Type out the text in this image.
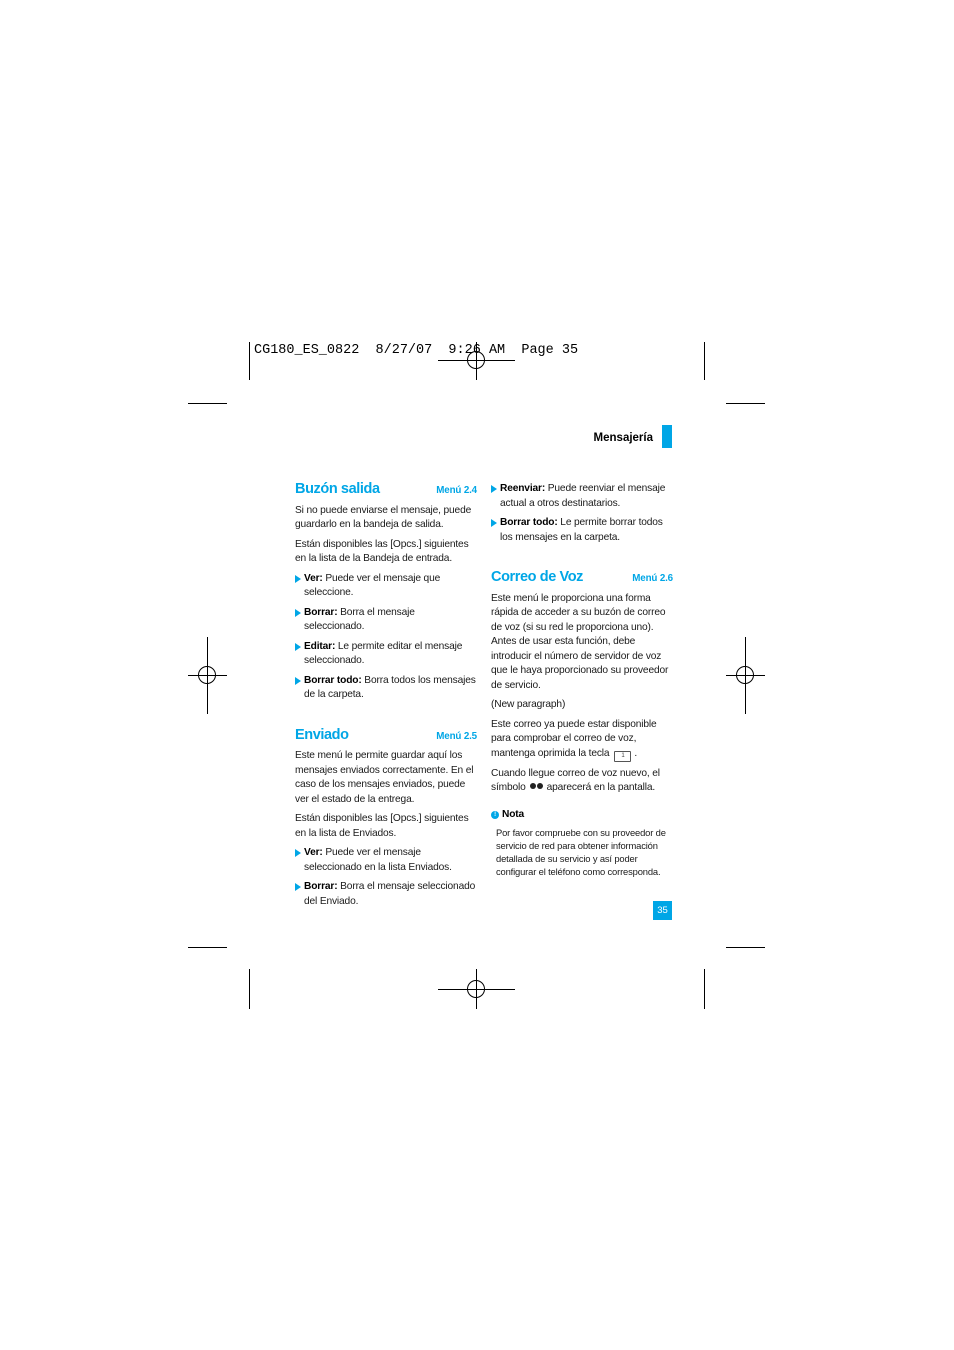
CG180_ES_0822  8/27/07  9:26 AM  Page 35
Mensajería
Buzón salida	Menú 2.4

Si no puede enviarse el mensaje, puede guardarlo en la bandeja de salida.

Están disponibles las [Opcs.] siguientes en la lista de la Bandeja de entrada.

Ver: Puede ver el mensaje que seleccione.
Borrar: Borra el mensaje seleccionado.
Editar: Le permite editar el mensaje seleccionado.
Borrar todo: Borra todos los mensajes de la carpeta.
Enviado	Menú 2.5

Este menú le permite guardar aquí los mensajes enviados correctamente. En el caso de los mensajes enviados, puede ver el estado de la entrega.

Están disponibles las [Opcs.] siguientes en la lista de Enviados.

Ver: Puede ver el mensaje seleccionado en la lista Enviados.
Borrar: Borra el mensaje seleccionado del Enviado.
Reenviar: Puede reenviar el mensaje actual a otros destinatarios.
Borrar todo: Le permite borrar todos los mensajes en la carpeta.
Correo de Voz	Menú 2.6

Este menú le proporciona una forma rápida de acceder a su buzón de correo de voz (si su red le proporciona uno). Antes de usar esta función, debe introducir el número de servidor de voz que le haya proporcionado su proveedor de servicio.

(New paragraph)

Este correo ya puede estar disponible para comprobar el correo de voz, mantenga oprimida la tecla 1 .

Cuando llegue correo de voz nuevo, el símbolo aparecerá en la pantalla.

! Nota
Por favor compruebe con su proveedor de servicio de red para obtener información detallada de su servicio y así poder configurar el teléfono como corresponda.
35
